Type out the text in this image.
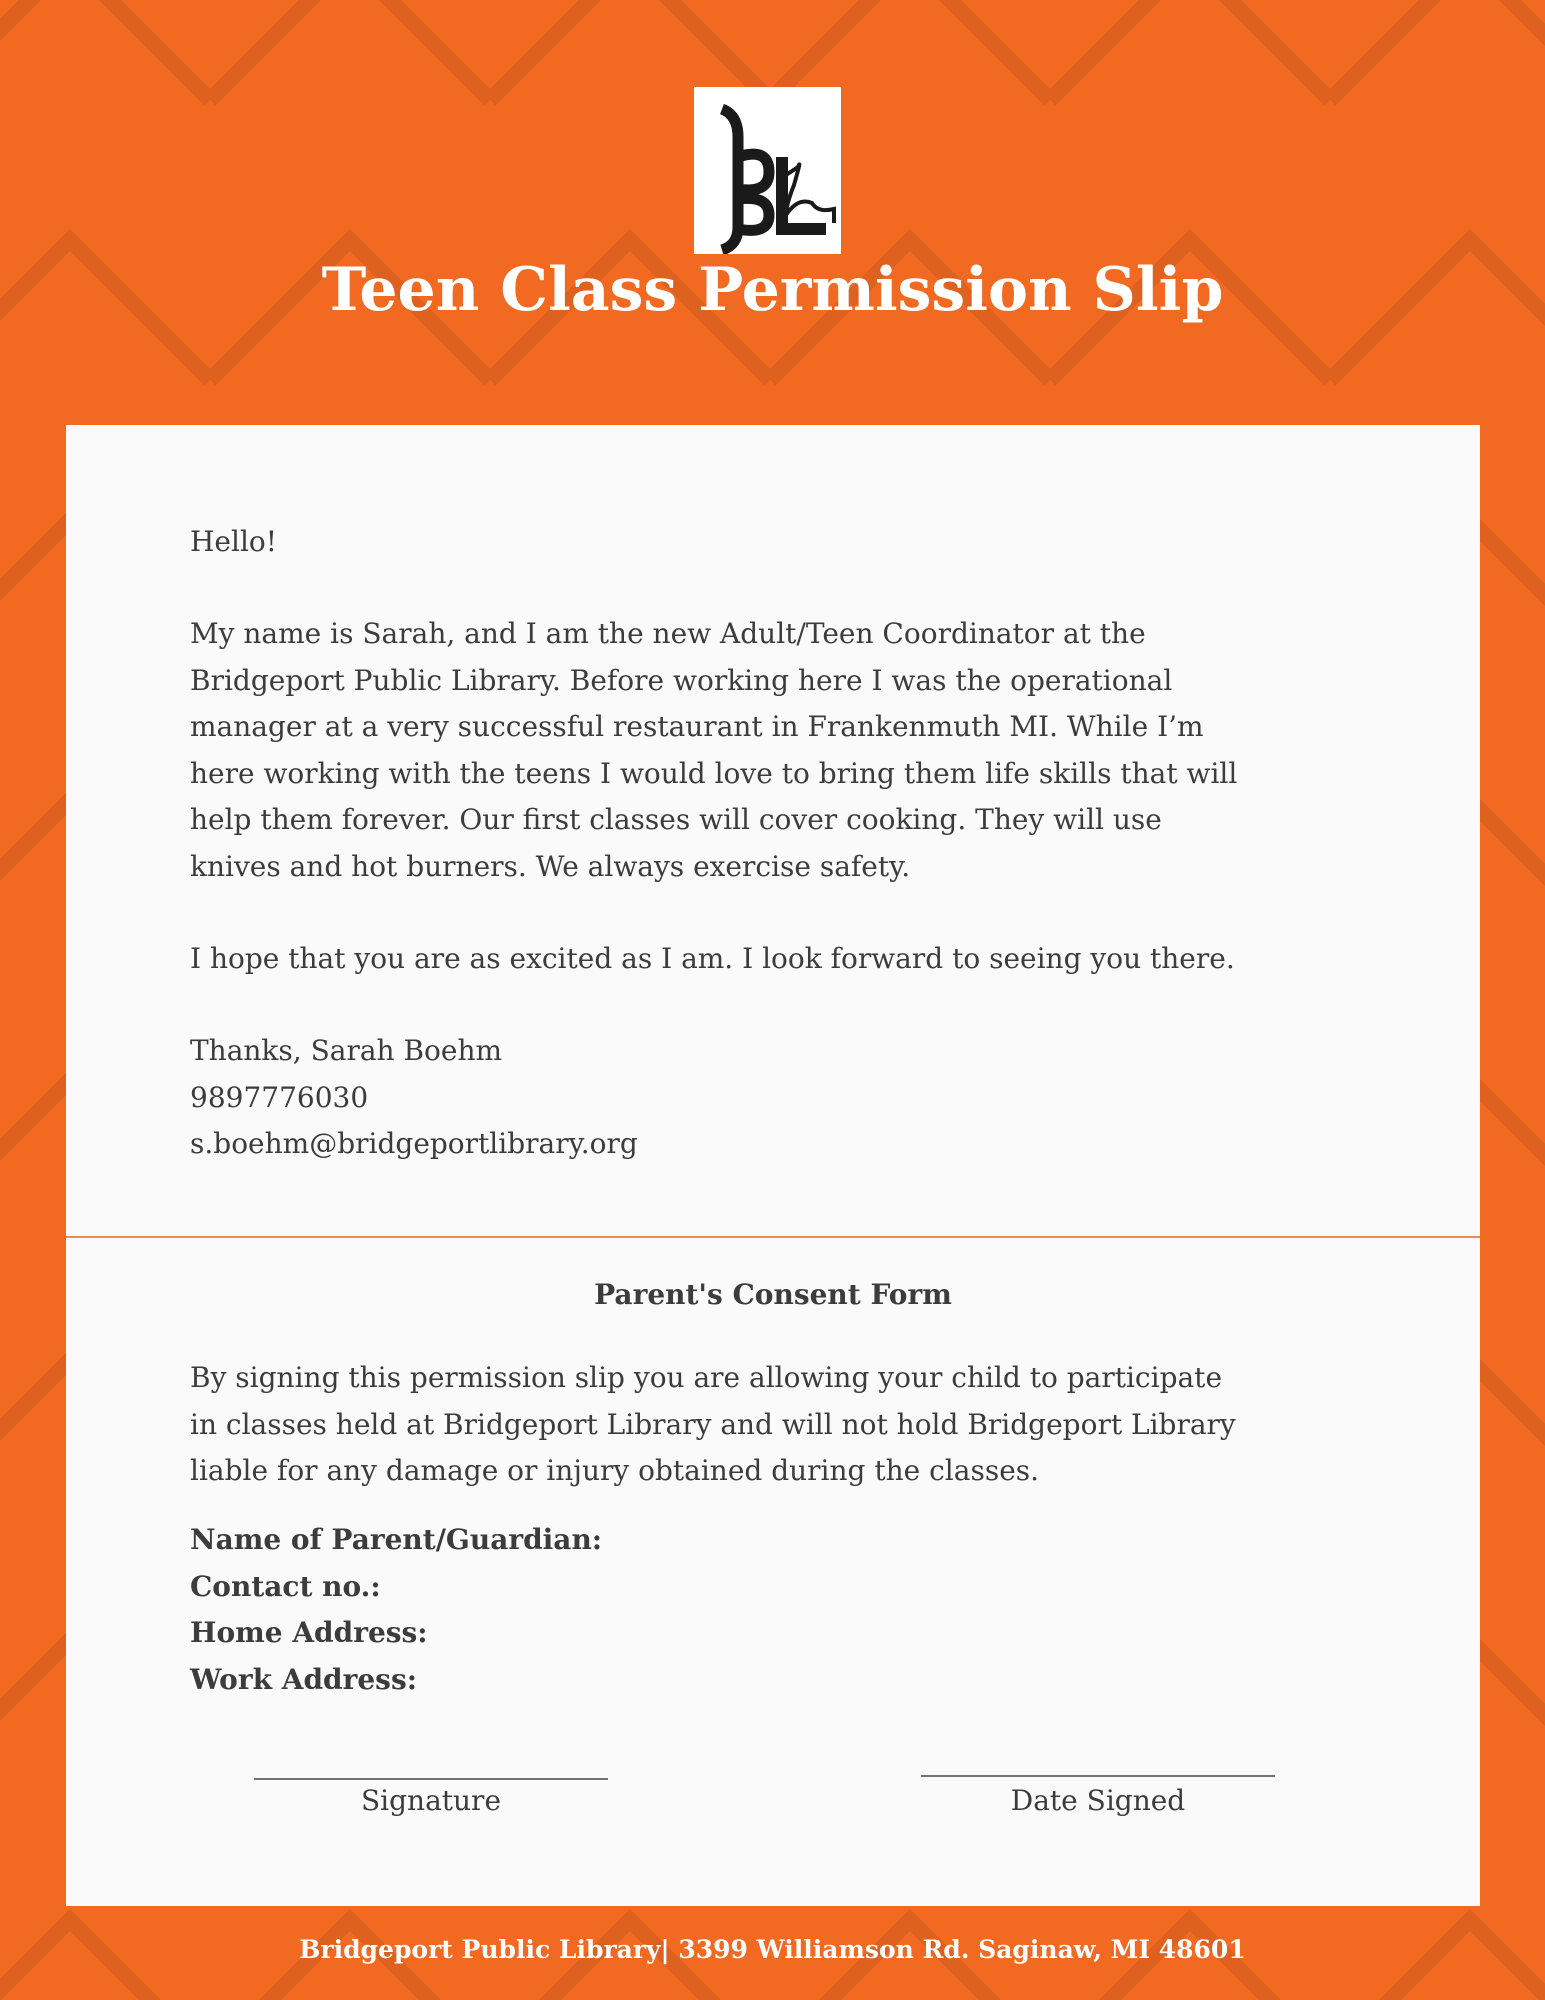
Teen Class Permission Slip
Hello!
My name is Sarah, and I am the new Adult/Teen Coordinator at the
Bridgeport Public Library. Before working here I was the operational
manager at a very successful restaurant in Frankenmuth MI. While I’m
here working with the teens I would love to bring them life skills that will
help them forever. Our first classes will cover cooking. They will use
knives and hot burners. We always exercise safety.
I hope that you are as excited as I am. I look forward to seeing you there.
Thanks, Sarah Boehm
9897776030
s.boehm@bridgeportlibrary.org
Parent's Consent Form
By signing this permission slip you are allowing your child to participate
in classes held at Bridgeport Library and will not hold Bridgeport Library
liable for any damage or injury obtained during the classes.
Name of Parent/Guardian:
Contact no.:
Home Address:
Work Address:
Signature	Date Signed
Bridgeport Public Library| 3399 Williamson Rd. Saginaw, MI 48601
